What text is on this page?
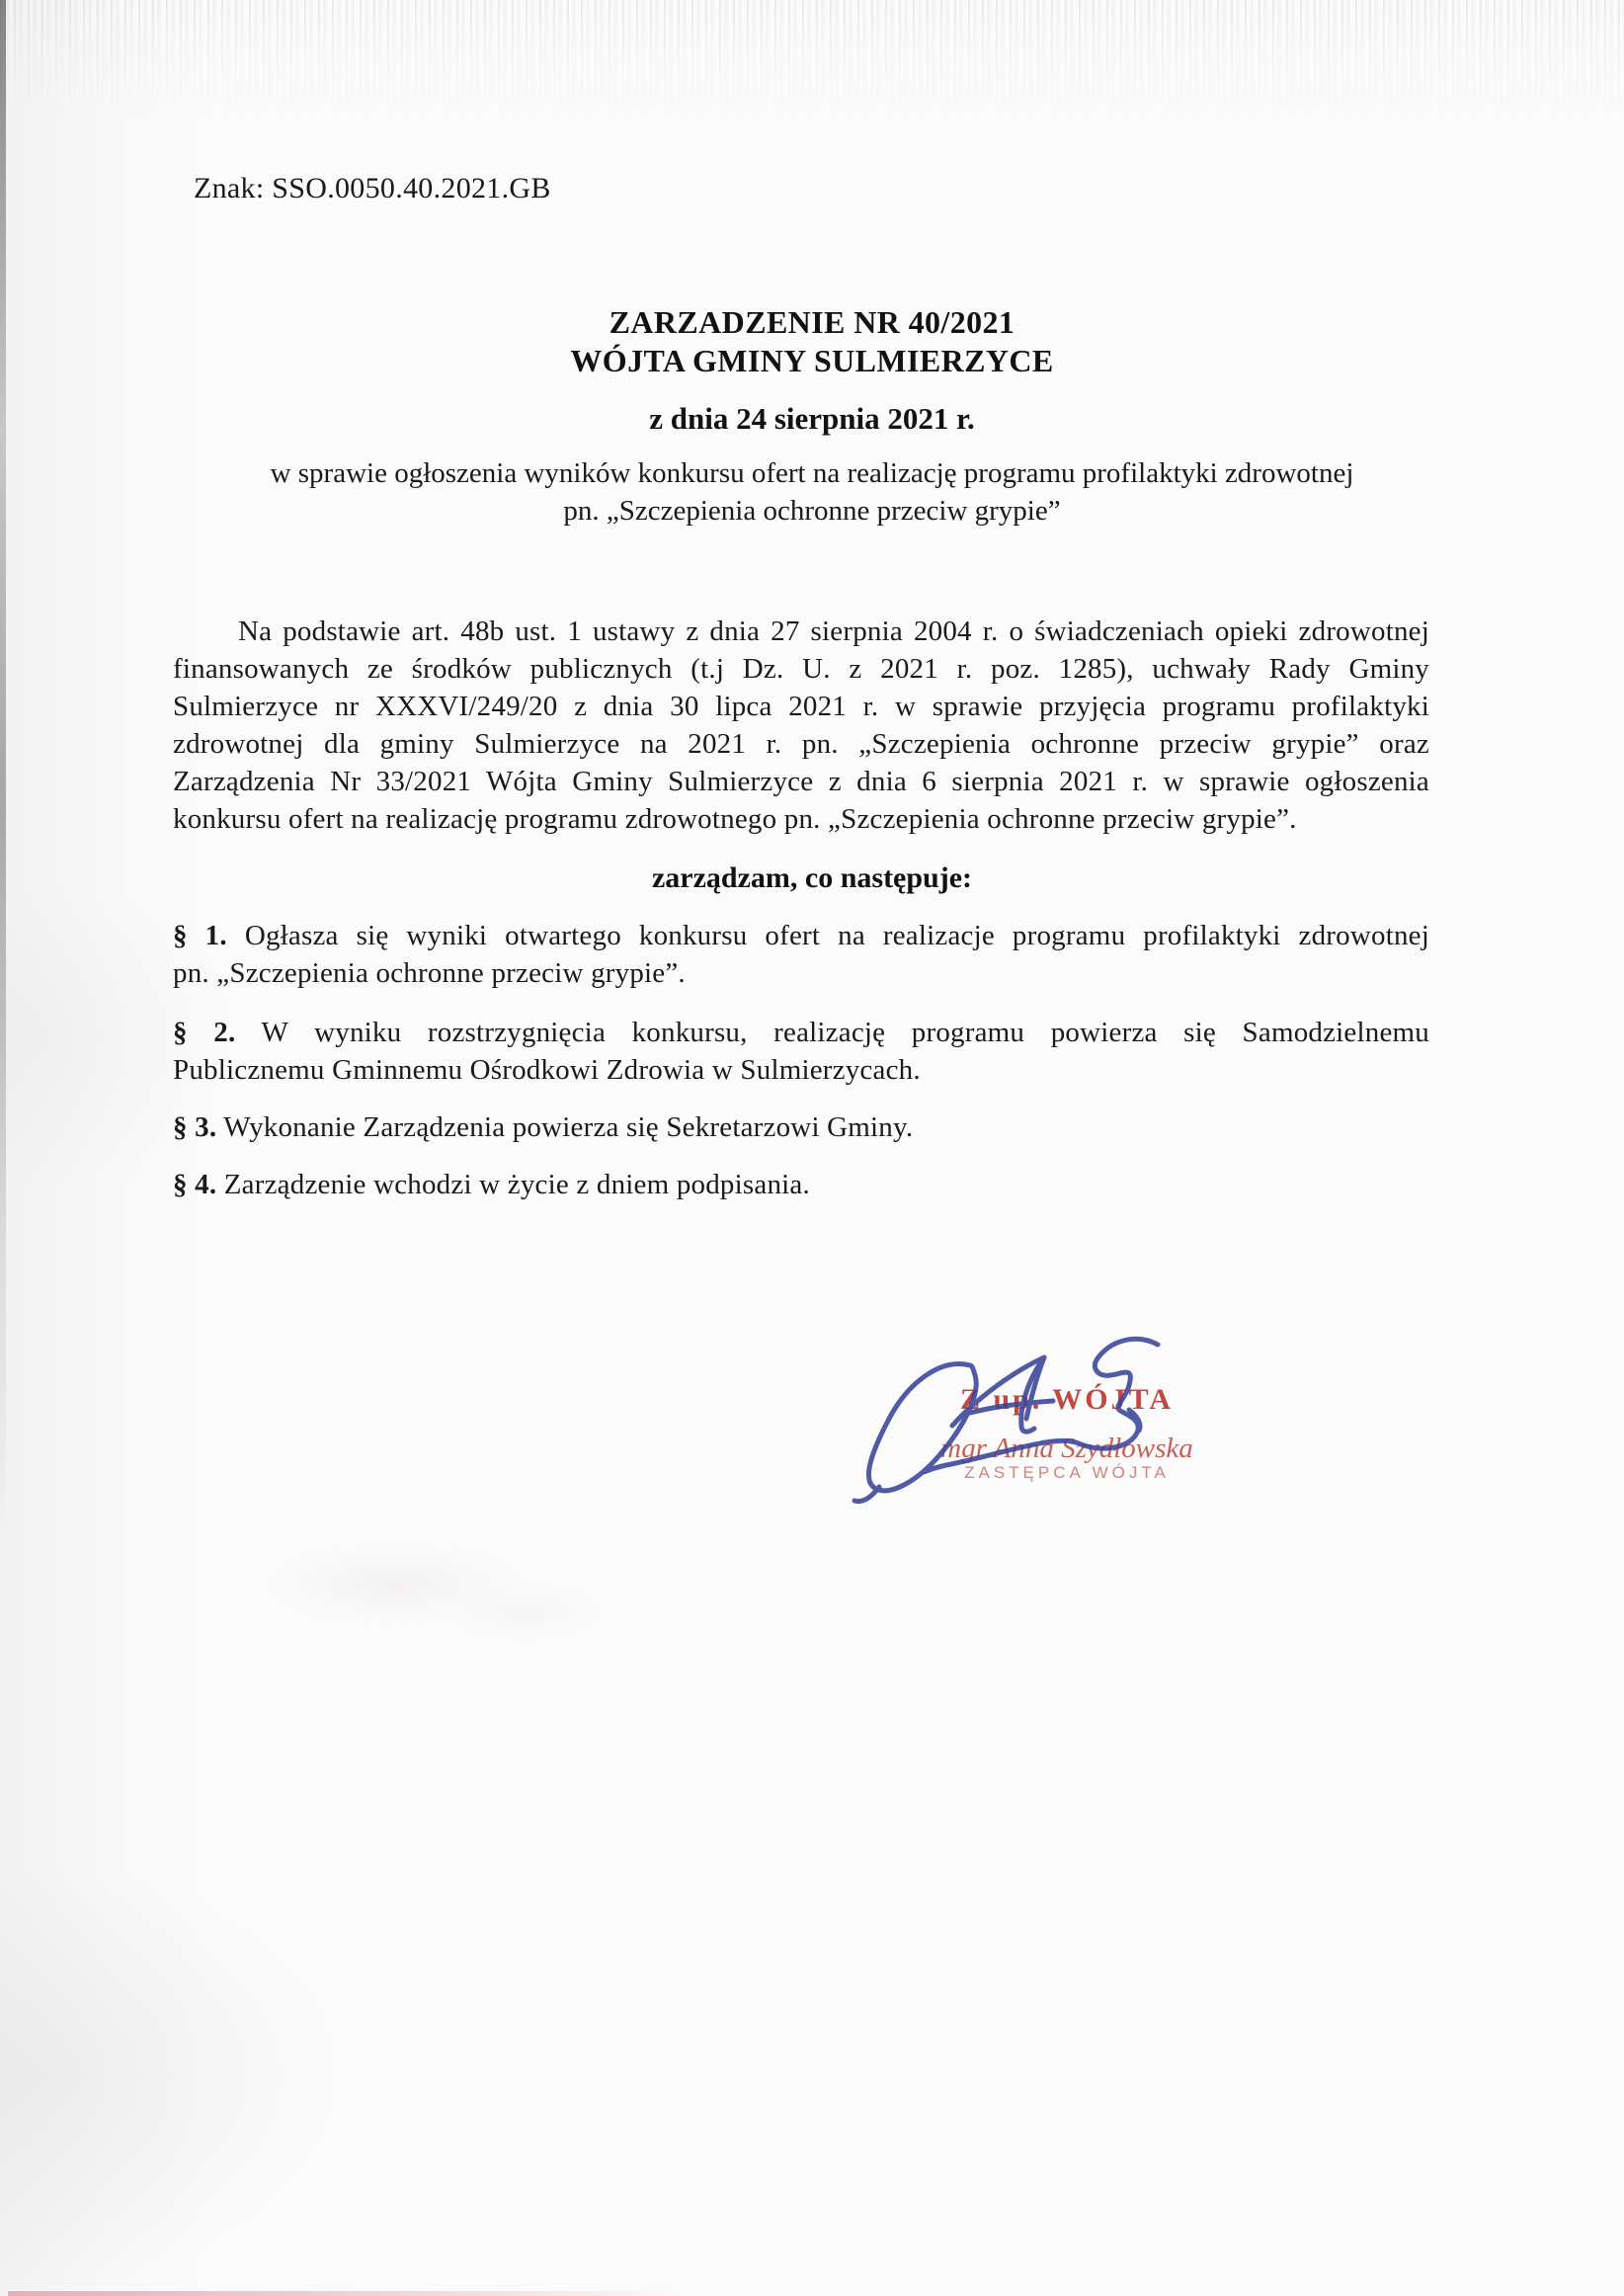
Znak: SSO.0050.40.2021.GB
ZARZADZENIE NR 40/2021
WÓJTA GMINY SULMIERZYCE
z dnia 24 sierpnia 2021 r.
w sprawie ogłoszenia wyników konkursu ofert na realizację programu profilaktyki zdrowotnej
pn. „Szczepienia ochronne przeciw grypie”
Na podstawie art. 48b ust. 1 ustawy z dnia 27 sierpnia 2004 r. o świadczeniach opieki zdrowotnej
finansowanych ze środków publicznych (t.j Dz. U. z 2021 r. poz. 1285), uchwały Rady Gminy
Sulmierzyce nr XXXVI/249/20 z dnia 30 lipca 2021 r. w sprawie przyjęcia programu profilaktyki
zdrowotnej dla gminy Sulmierzyce na 2021 r. pn. „Szczepienia ochronne przeciw grypie” oraz
Zarządzenia Nr 33/2021 Wójta Gminy Sulmierzyce z dnia 6 sierpnia 2021 r. w sprawie ogłoszenia
konkursu ofert na realizację programu zdrowotnego pn. „Szczepienia ochronne przeciw grypie”.
zarządzam, co następuje:
§ 1. Ogłasza się wyniki otwartego konkursu ofert na realizacje programu profilaktyki zdrowotnej
pn. „Szczepienia ochronne przeciw grypie”.
§ 2. W wyniku rozstrzygnięcia konkursu, realizację programu powierza się Samodzielnemu
Publicznemu Gminnemu Ośrodkowi Zdrowia w Sulmierzycach.
§ 3. Wykonanie Zarządzenia powierza się Sekretarzowi Gminy.
§ 4. Zarządzenie wchodzi w życie z dniem podpisania.
Z up. WÓJTA
mgr Anna Szydłowska
ZASTĘPCA WÓJTA
